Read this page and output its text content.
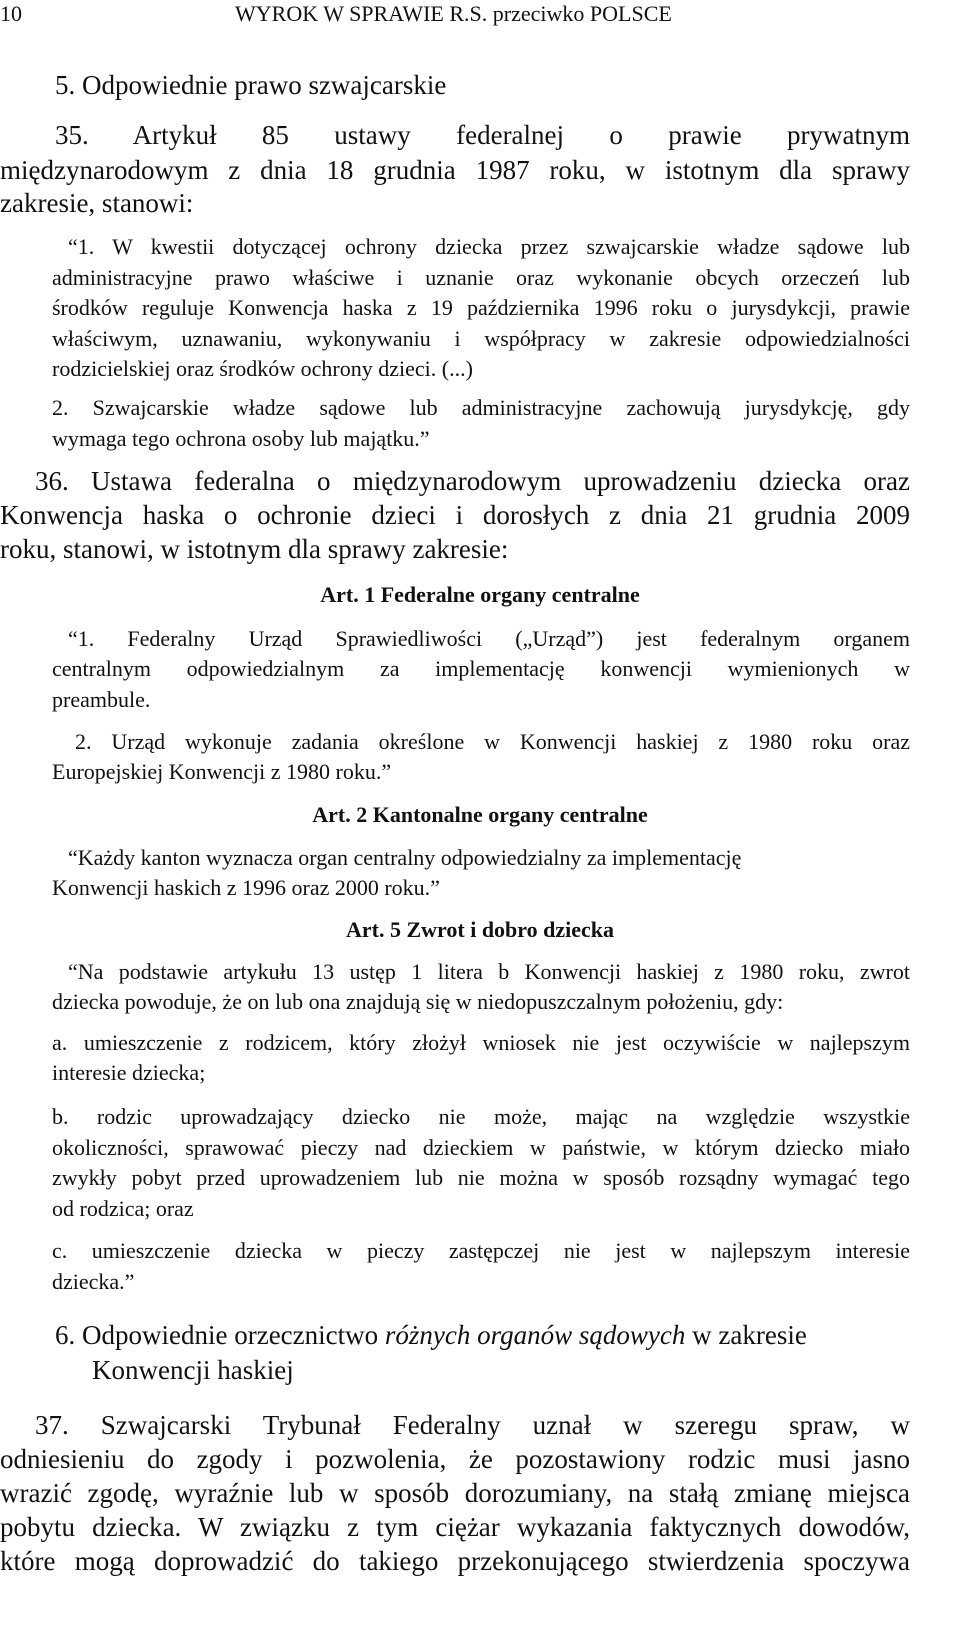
10	WYROK W SPRAWIE R.S. przeciwko POLSCE
5. Odpowiednie prawo szwajcarskie
35. Artykuł 85 ustawy federalnej o prawie prywatnym
międzynarodowym z dnia 18 grudnia 1987 roku, w istotnym dla sprawy
zakresie, stanowi:
“1. W kwestii dotyczącej ochrony dziecka przez szwajcarskie władze sądowe lub
administracyjne prawo właściwe i uznanie oraz wykonanie obcych orzeczeń lub
środków reguluje Konwencja haska z 19 października 1996 roku o jurysdykcji, prawie
właściwym, uznawaniu, wykonywaniu i współpracy w zakresie odpowiedzialności
rodzicielskiej oraz środków ochrony dzieci. (...)
2. Szwajcarskie władze sądowe lub administracyjne zachowują jurysdykcję, gdy
wymaga tego ochrona osoby lub majątku.”
36. Ustawa federalna o międzynarodowym uprowadzeniu dziecka oraz
Konwencja haska o ochronie dzieci i dorosłych z dnia 21 grudnia 2009
roku, stanowi, w istotnym dla sprawy zakresie:
Art. 1 Federalne organy centralne
“1. Federalny Urząd Sprawiedliwości („Urząd”) jest federalnym organem
centralnym odpowiedzialnym za implementację konwencji wymienionych w
preambule.
2. Urząd wykonuje zadania określone w Konwencji haskiej z 1980 roku oraz
Europejskiej Konwencji z 1980 roku.”
Art. 2 Kantonalne organy centralne
“Każdy kanton wyznacza organ centralny odpowiedzialny za implementację
Konwencji haskich z 1996 oraz 2000 roku.”
Art. 5 Zwrot i dobro dziecka
“Na podstawie artykułu 13 ustęp 1 litera b Konwencji haskiej z 1980 roku, zwrot
dziecka powoduje, że on lub ona znajdują się w niedopuszczalnym położeniu, gdy:
a. umieszczenie z rodzicem, który złożył wniosek nie jest oczywiście w najlepszym
interesie dziecka;
b. rodzic uprowadzający dziecko nie może, mając na względzie wszystkie
okoliczności, sprawować pieczy nad dzieckiem w państwie, w którym dziecko miało
zwykły pobyt przed uprowadzeniem lub nie można w sposób rozsądny wymagać tego
od rodzica; oraz
c. umieszczenie dziecka w pieczy zastępczej nie jest w najlepszym interesie
dziecka.”
6. Odpowiednie orzecznictwo różnych organów sądowych w zakresie
Konwencji haskiej
37. Szwajcarski Trybunał Federalny uznał w szeregu spraw, w
odniesieniu do zgody i pozwolenia, że pozostawiony rodzic musi jasno
wrazić zgodę, wyraźnie lub w sposób dorozumiany, na stałą zmianę miejsca
pobytu dziecka. W związku z tym ciężar wykazania faktycznych dowodów,
które mogą doprowadzić do takiego przekonującego stwierdzenia spoczywa
